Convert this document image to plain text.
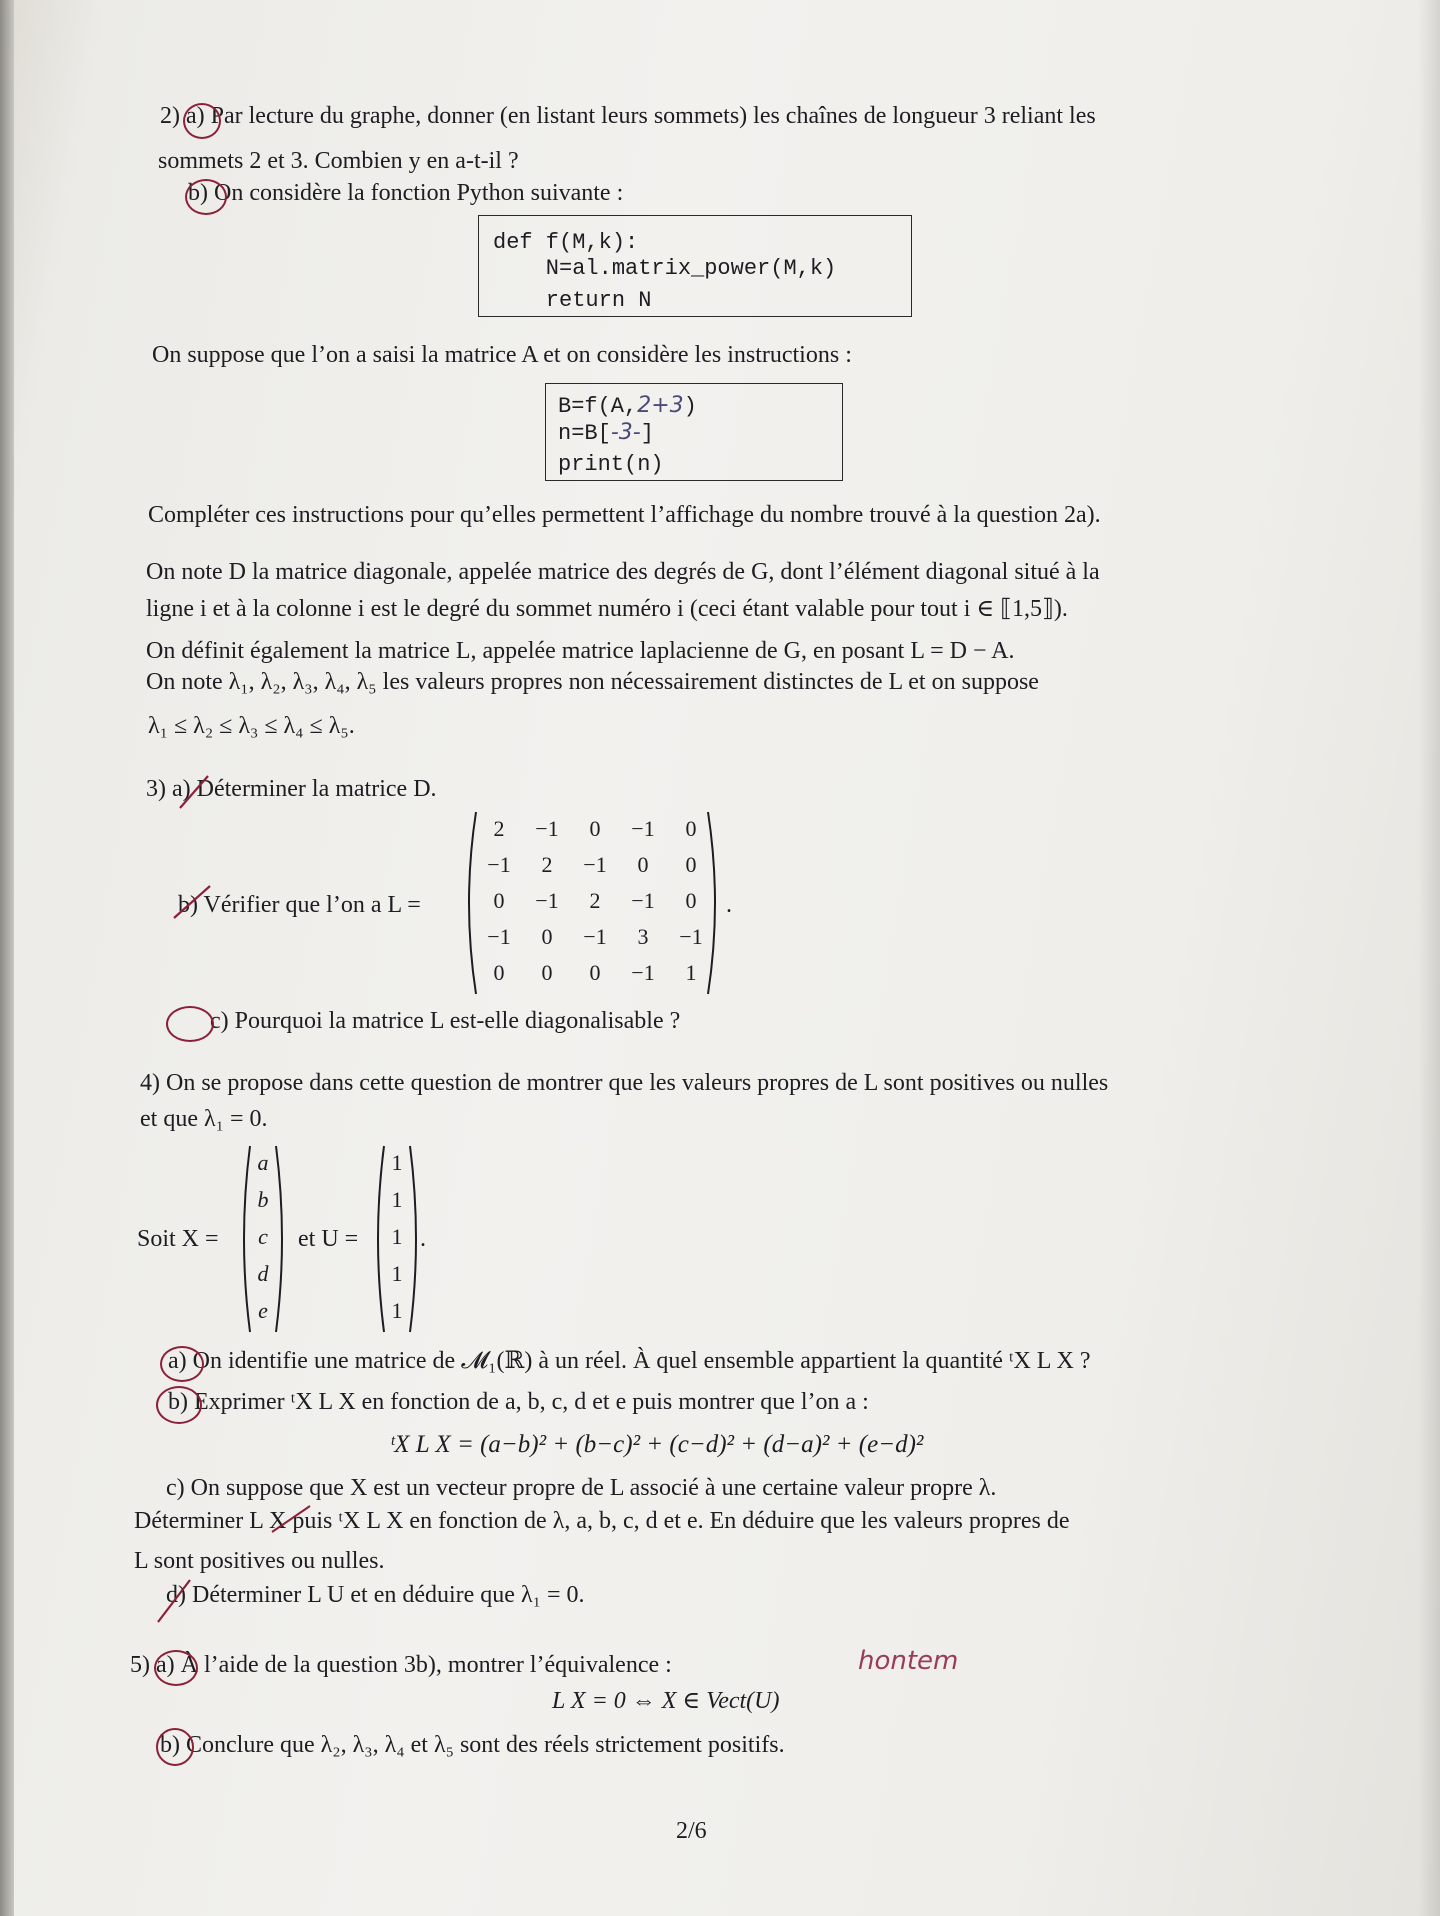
2) a) Par lecture du graphe, donner (en listant leurs sommets) les chaînes de longueur 3 reliant les
sommets 2 et 3. Combien y en a-t-il ?
b) On considère la fonction Python suivante :
def f(M,k):
N=al.matrix_power(M,k)
return N
On suppose que l’on a saisi la matrice A et on considère les instructions :
B=f(A,2+3)
n=B[-3-]
print(n)
Compléter ces instructions pour qu’elles permettent l’affichage du nombre trouvé à la question 2a).
On note D la matrice diagonale, appelée matrice des degrés de G, dont l’élément diagonal situé à la
ligne i et à la colonne i est le degré du sommet numéro i (ceci étant valable pour tout i ∈ ⟦1,5⟧).
On définit également la matrice L, appelée matrice laplacienne de G, en posant L = D − A.
On note λ₁, λ₂, λ₃, λ₄, λ₅ les valeurs propres non nécessairement distinctes de L et on suppose
λ₁ ≤ λ₂ ≤ λ₃ ≤ λ₄ ≤ λ₅.
3) a) Déterminer la matrice D.
b) Vérifier que l’on a L =
2	−1	0	−1	0
−1	2	−1	0	0
0	−1	2	−1	0
−1	0	−1	3	−1
0	0	0	−1	1
.
c) Pourquoi la matrice L est-elle diagonalisable ?
4) On se propose dans cette question de montrer que les valeurs propres de L sont positives ou nulles
et que λ₁ = 0.
Soit X =
a
b
c
d
e
et U =
1
1
1
1
1
.
a) On identifie une matrice de 𝓜₁(ℝ) à un réel. À quel ensemble appartient la quantité ᵗX L X ?
b) Exprimer ᵗX L X en fonction de a, b, c, d et e puis montrer que l’on a :
ᵗX L X = (a−b)² + (b−c)² + (c−d)² + (d−a)² + (e−d)²
c) On suppose que X est un vecteur propre de L associé à une certaine valeur propre λ.
Déterminer L X puis ᵗX L X en fonction de λ, a, b, c, d et e. En déduire que les valeurs propres de
L sont positives ou nulles.
d) Déterminer L U et en déduire que λ₁ = 0.
5) a) À l’aide de la question 3b), montrer l’équivalence :	hontem
L X = 0 ⇔ X ∈ Vect(U)
b) Conclure que λ₂, λ₃, λ₄ et λ₅ sont des réels strictement positifs.
2/6
